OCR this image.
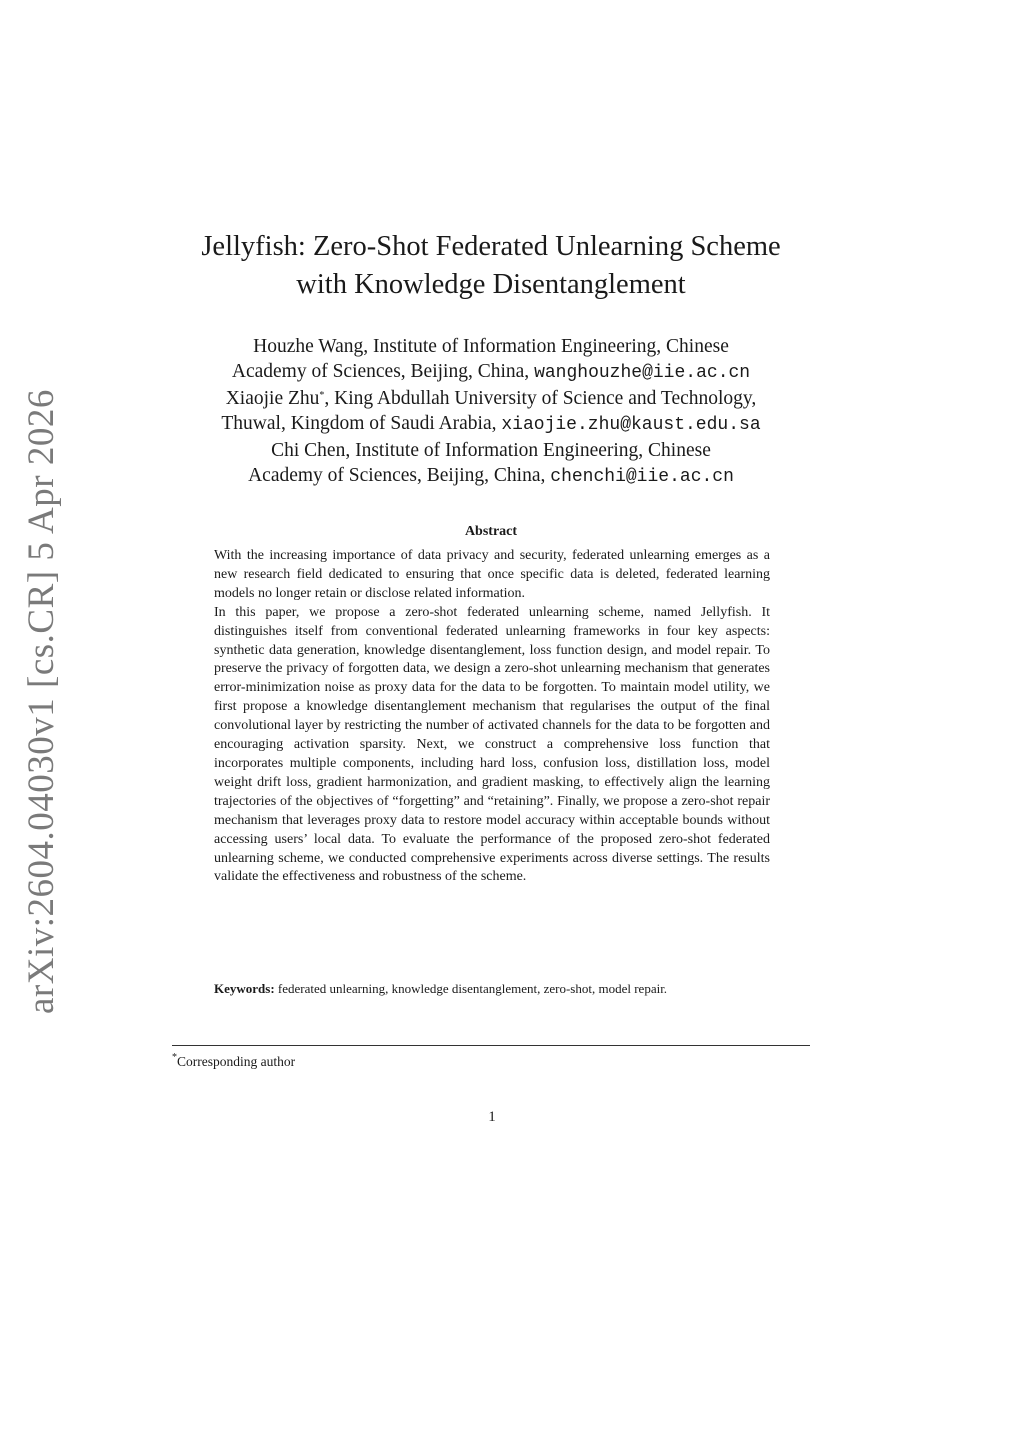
arXiv:2604.04030v1 [cs.CR] 5 Apr 2026
Jellyfish: Zero-Shot Federated Unlearning Scheme
with Knowledge Disentanglement
Houzhe Wang, Institute of Information Engineering, Chinese
Academy of Sciences, Beijing, China, wanghouzhe@iie.ac.cn
Xiaojie Zhu*, King Abdullah University of Science and Technology,
Thuwal, Kingdom of Saudi Arabia, xiaojie.zhu@kaust.edu.sa
Chi Chen, Institute of Information Engineering, Chinese
Academy of Sciences, Beijing, China, chenchi@iie.ac.cn
Abstract

With the increasing importance of data privacy and security, federated unlearning emerges as a new research field dedicated to ensuring that once specific data is deleted, federated learning models no longer retain or disclose related information.

In this paper, we propose a zero-shot federated unlearning scheme, named Jellyfish. It distinguishes itself from conventional federated unlearning frameworks in four key aspects: synthetic data generation, knowledge disentanglement, loss function design, and model repair. To preserve the privacy of forgotten data, we design a zero-shot unlearning mechanism that generates error-minimization noise as proxy data for the data to be forgotten. To maintain model utility, we first propose a knowledge disentanglement mechanism that regularises the output of the final convolutional layer by restricting the number of activated channels for the data to be forgotten and encouraging activation sparsity. Next, we construct a comprehensive loss function that incorporates multiple components, including hard loss, confusion loss, distillation loss, model weight drift loss, gradient harmonization, and gradient masking, to effectively align the learning trajectories of the objectives of “forgetting” and “retaining”. Finally, we propose a zero-shot repair mechanism that leverages proxy data to restore model accuracy within acceptable bounds without accessing users’ local data. To evaluate the performance of the proposed zero-shot federated unlearning scheme, we conducted comprehensive experiments across diverse settings. The results validate the effectiveness and robustness of the scheme.

Keywords: federated unlearning, knowledge disentanglement, zero-shot, model repair.
*Corresponding author
1
